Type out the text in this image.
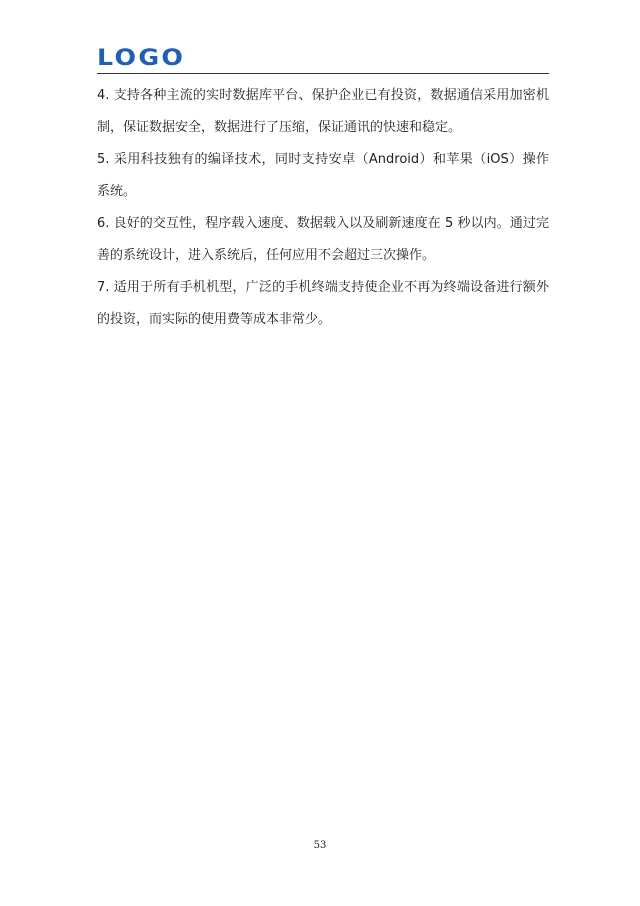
LOGO

4. 支持各种主流的实时数据库平台、保护企业已有投资，数据通信采用加密机制，保证数据安全，数据进行了压缩，保证通讯的快速和稳定。

5. 采用科技独有的编译技术，同时支持安卓（Android）和苹果（iOS）操作系统。

6. 良好的交互性，程序载入速度、数据载入以及刷新速度在 5 秒以内。通过完善的系统设计，进入系统后，任何应用不会超过三次操作。

7. 适用于所有手机机型，广泛的手机终端支持使企业不再为终端设备进行额外的投资，而实际的使用费等成本非常少。

53
